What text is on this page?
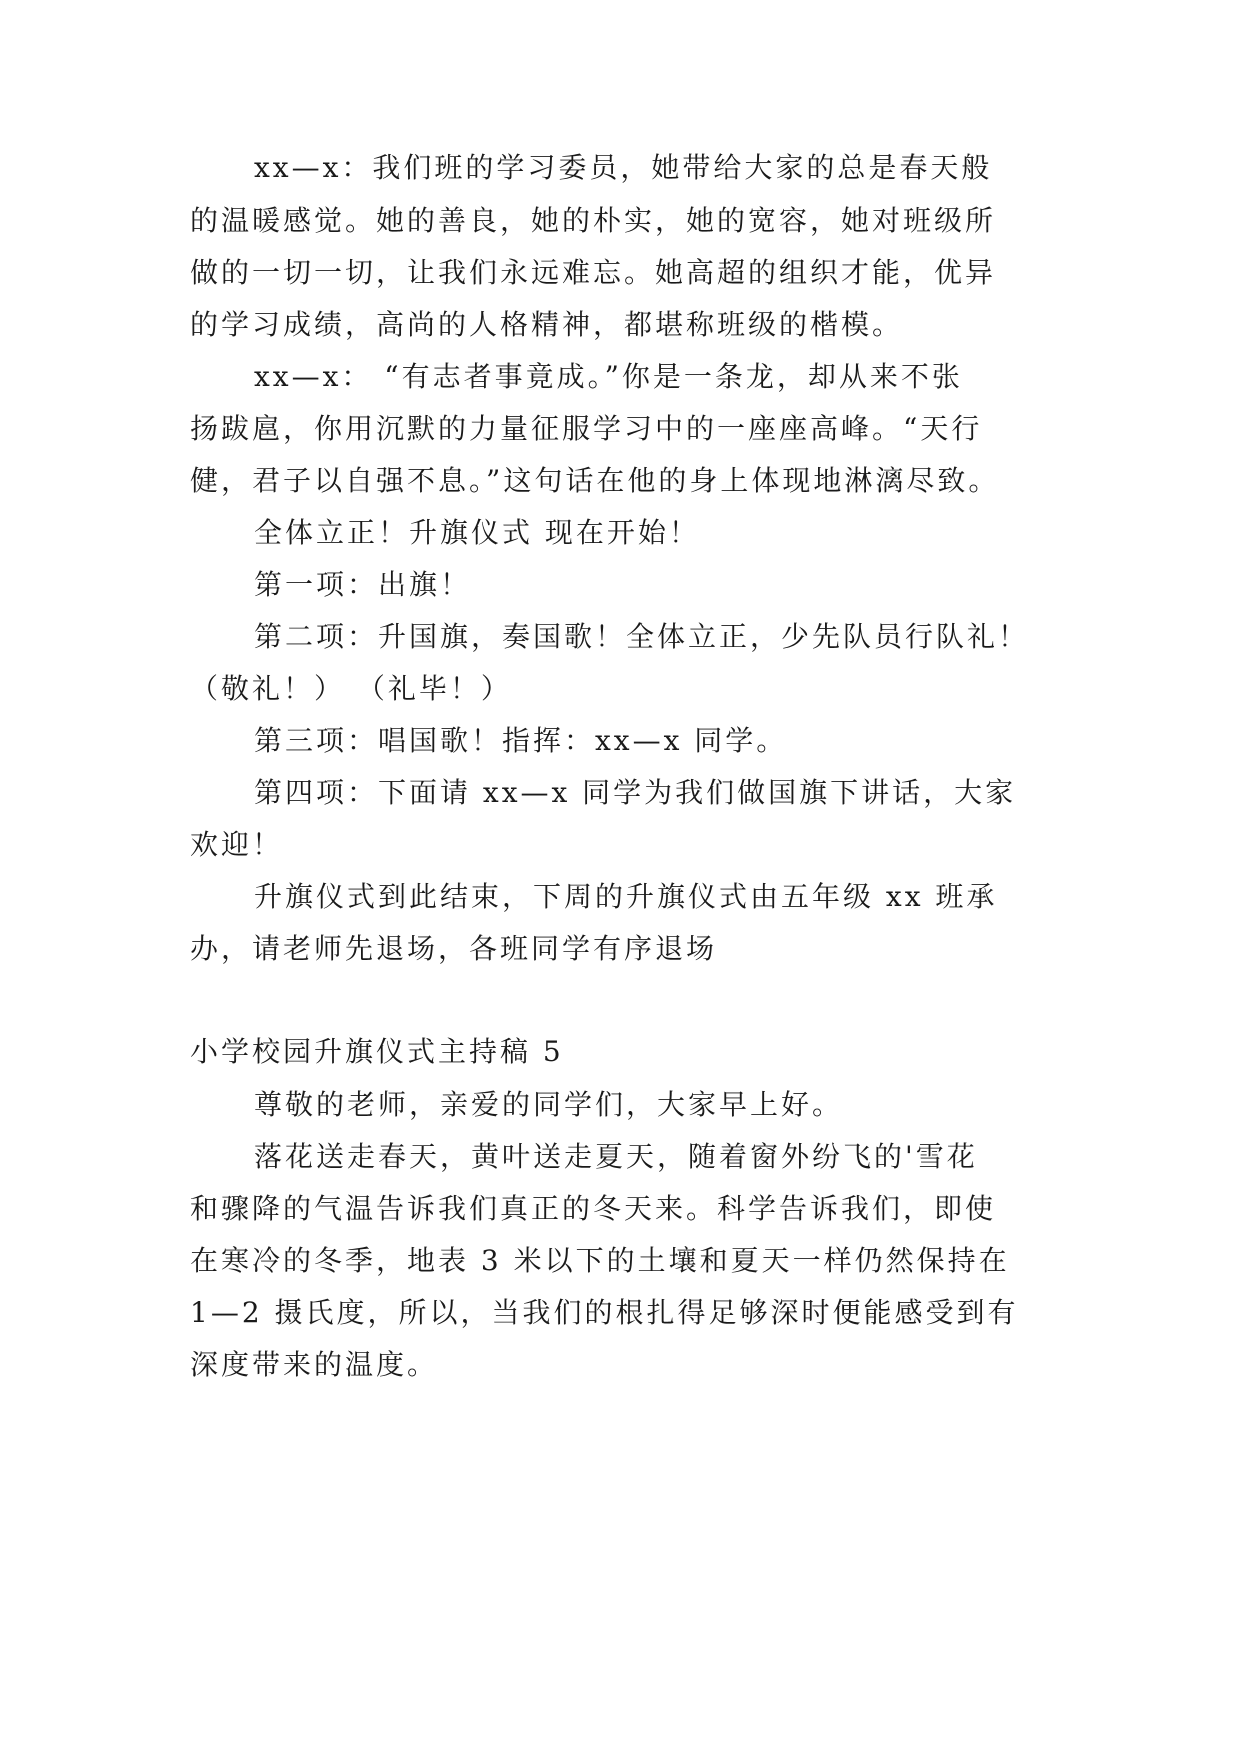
xx—x：我们班的学习委员，她带给大家的总是春天般
的温暖感觉。她的善良，她的朴实，她的宽容，她对班级所
做的一切一切，让我们永远难忘。她高超的组织才能，优异
的学习成绩，高尚的人格精神，都堪称班级的楷模。
xx—x： “有志者事竟成。”你是一条龙，却从来不张
扬跋扈，你用沉默的力量征服学习中的一座座高峰。“天行
健，君子以自强不息。”这句话在他的身上体现地淋漓尽致。
全体立正！升旗仪式 现在开始！
第一项：出旗！
第二项：升国旗，奏国歌！全体立正，少先队员行队礼！
（敬礼！） （礼毕！）
第三项：唱国歌！指挥：xx—x 同学。
第四项：下面请 xx—x 同学为我们做国旗下讲话，大家
欢迎！
升旗仪式到此结束，下周的升旗仪式由五年级 xx 班承
办，请老师先退场，各班同学有序退场
小学校园升旗仪式主持稿 5
尊敬的老师，亲爱的同学们，大家早上好。
落花送走春天，黄叶送走夏天，随着窗外纷飞的'雪花
和骤降的气温告诉我们真正的冬天来。科学告诉我们，即使
在寒冷的冬季，地表 3 米以下的土壤和夏天一样仍然保持在
1—2 摄氏度，所以，当我们的根扎得足够深时便能感受到有
深度带来的温度。
